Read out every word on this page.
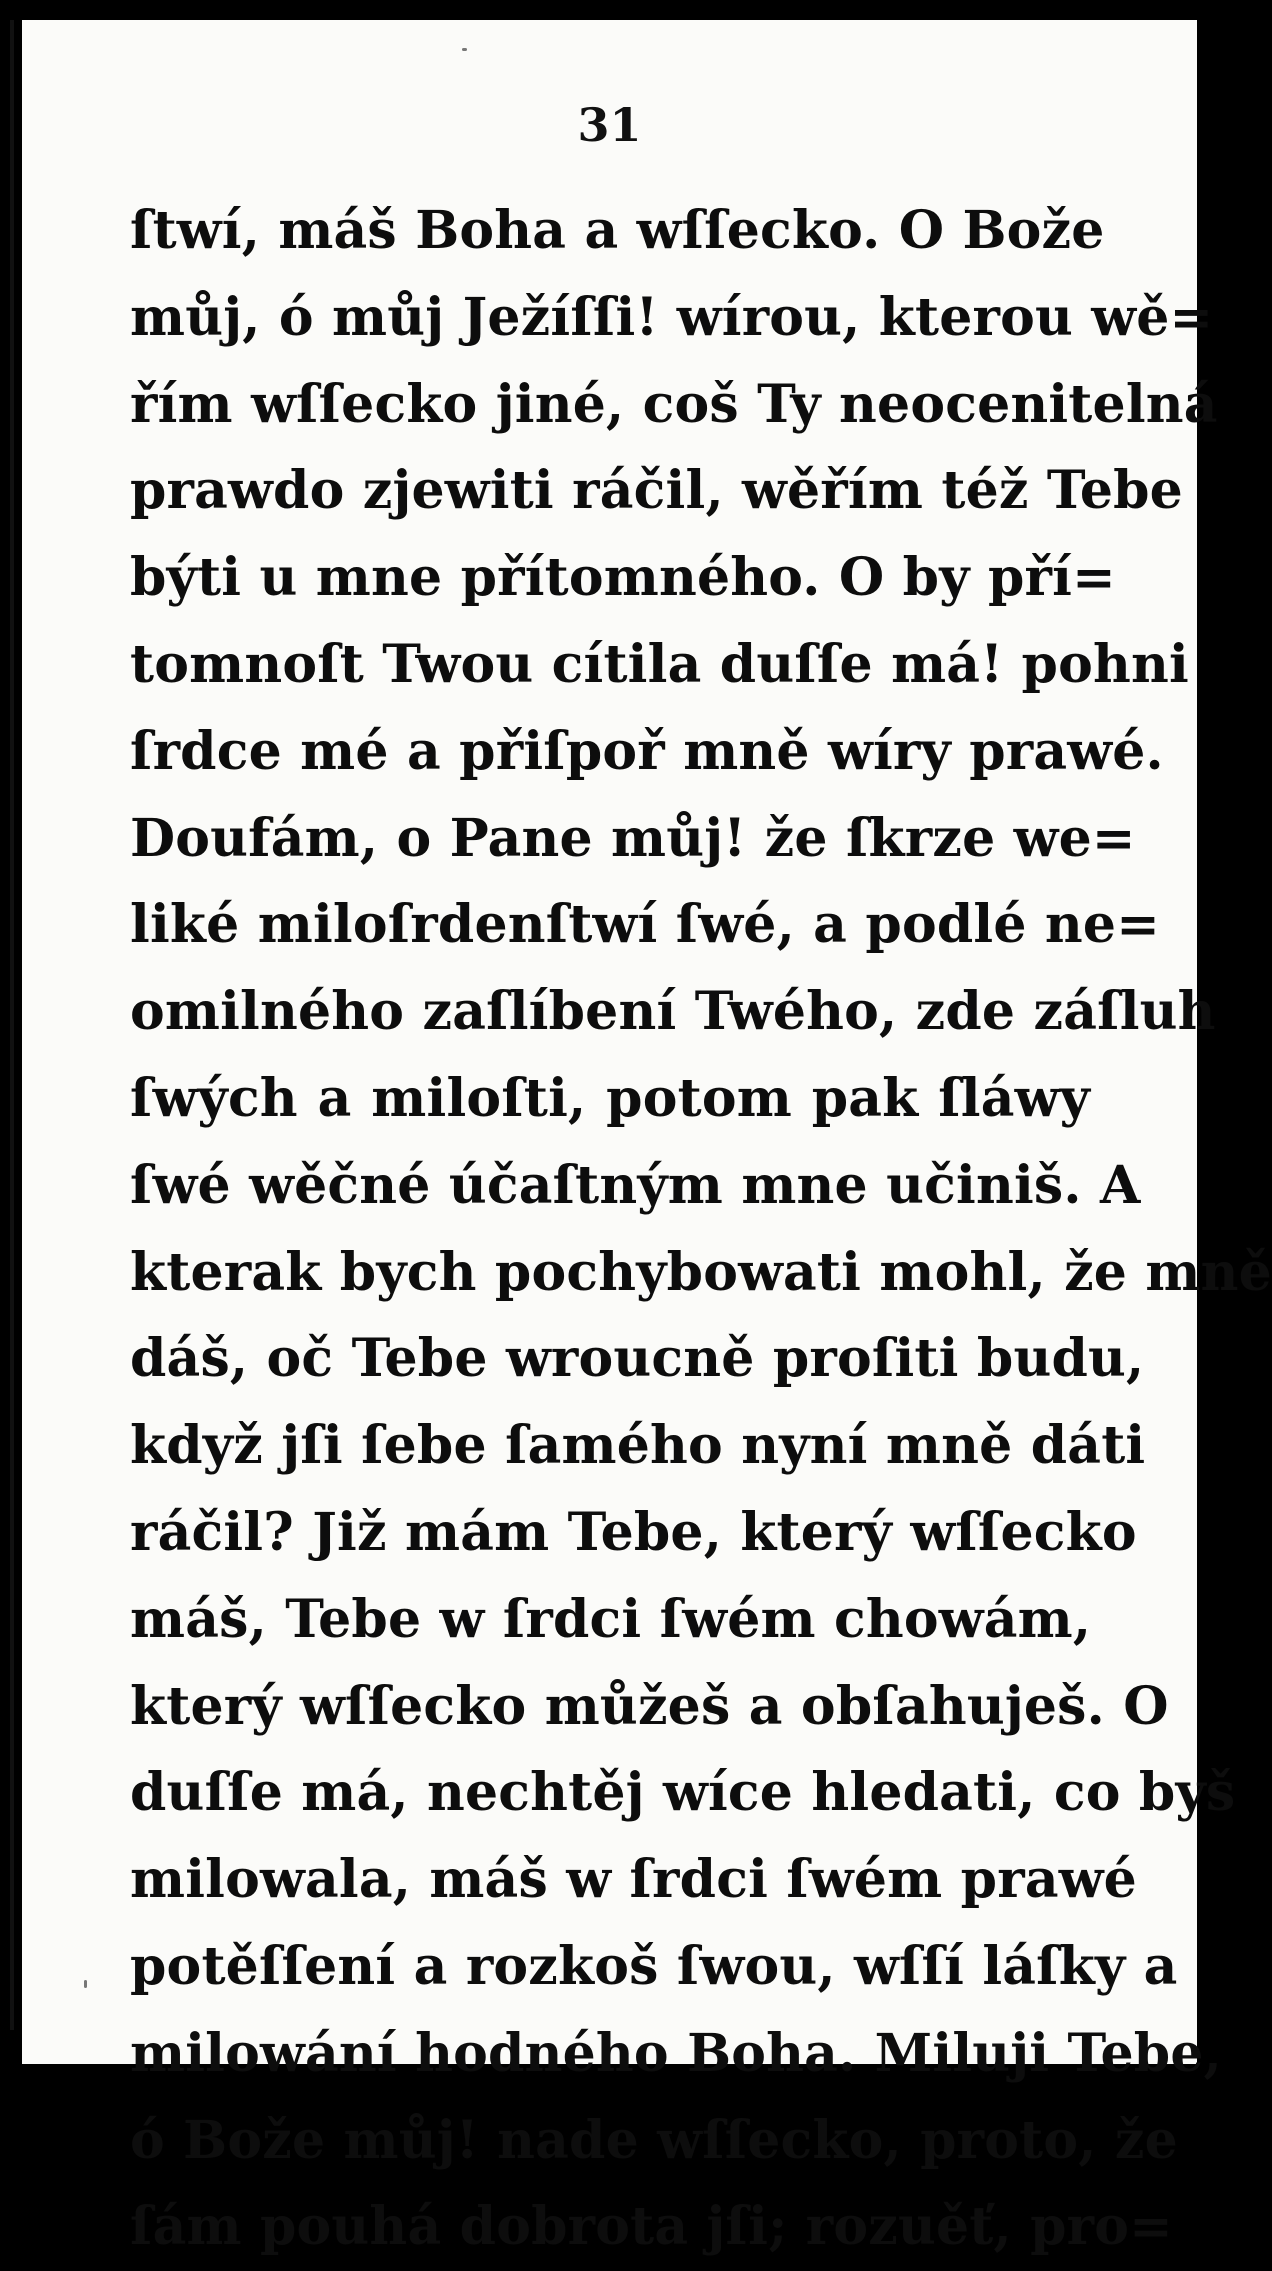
31
ſtwí, máš Boha a wſſecko. O Bože
můj, ó můj Ježíſſi! wírou, kterou wě=
řím wſſecko jiné, coš Ty neocenitelná
prawdo zjewiti ráčil, wěřím též Tebe
býti u mne přítomného. O by pří=
tomnoſt Twou cítila duſſe má! pohni
ſrdce mé a přiſpoř mně wíry prawé.
Doufám, o Pane můj! že ſkrze we=
liké miloſrdenſtwí ſwé, a podlé ne=
omilného zaſlíbení Twého, zde záſluh
ſwých a miloſti, potom pak ſláwy
ſwé wěčné účaſtným mne učiniš. A
kterak bych pochybowati mohl, že mně
dáš, oč Tebe wroucně proſiti budu,
když jſi ſebe ſamého nyní mně dáti
ráčil? Již mám Tebe, který wſſecko
máš, Tebe w ſrdci ſwém chowám,
který wſſecko můžeš a obſahuješ. O
duſſe má, nechtěj wíce hledati, co byš
milowala, máš w ſrdci ſwém prawé
potěſſení a rozkoš ſwou, wſſí láſky a
milowání hodného Boha. Miluji Tebe,
ó Bože můj! nade wſſecko, proto, že
ſám pouhá dobrota jſi; rozuěť, pro=
